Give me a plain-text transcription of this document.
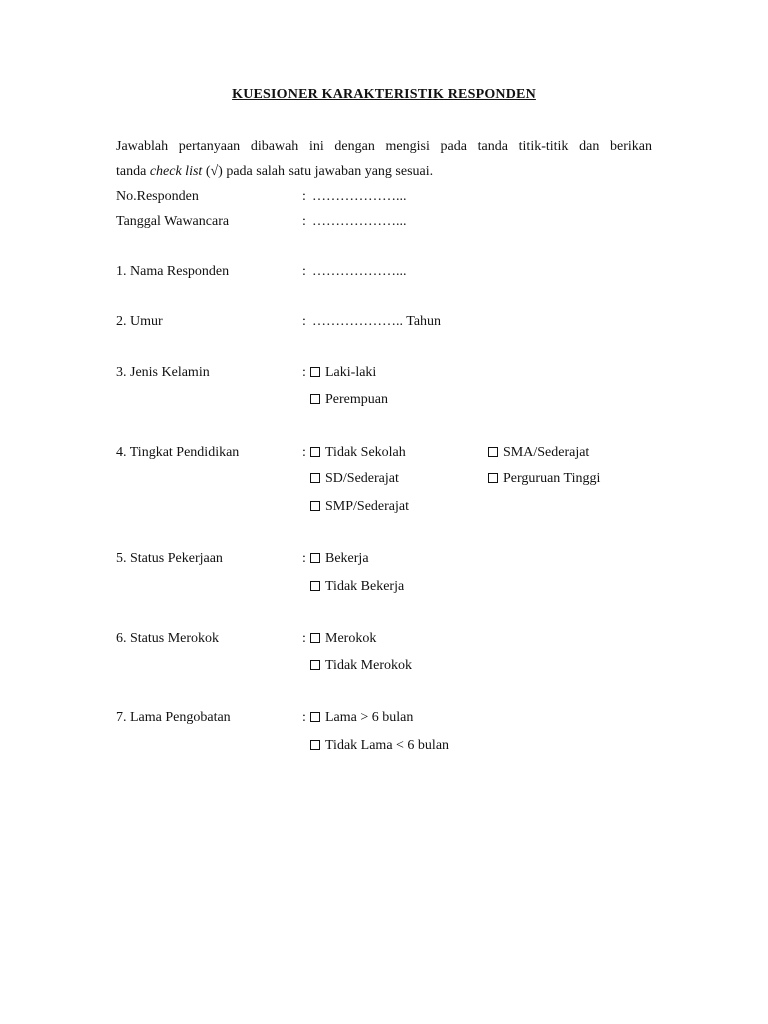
KUESIONER KARAKTERISTIK RESPONDEN
Jawablah pertanyaan dibawah ini dengan mengisi pada tanda titik-titik dan berikan
tanda check list (√) pada salah satu jawaban yang sesuai.
No.Responden	: ………………...
Tanggal Wawancara	: ………………...
1. Nama Responden	: ………………...
2. Umur	: ……………….. Tahun
3. Jenis Kelamin	:	Laki-laki
Perempuan
4. Tingkat Pendidikan	:	Tidak Sekolah	SMA/Sederajat
SD/Sederajat	Perguruan Tinggi
SMP/Sederajat
5. Status Pekerjaan	:	Bekerja
Tidak Bekerja
6. Status Merokok	:	Merokok
Tidak Merokok
7. Lama Pengobatan	:	Lama > 6 bulan
Tidak Lama < 6 bulan
